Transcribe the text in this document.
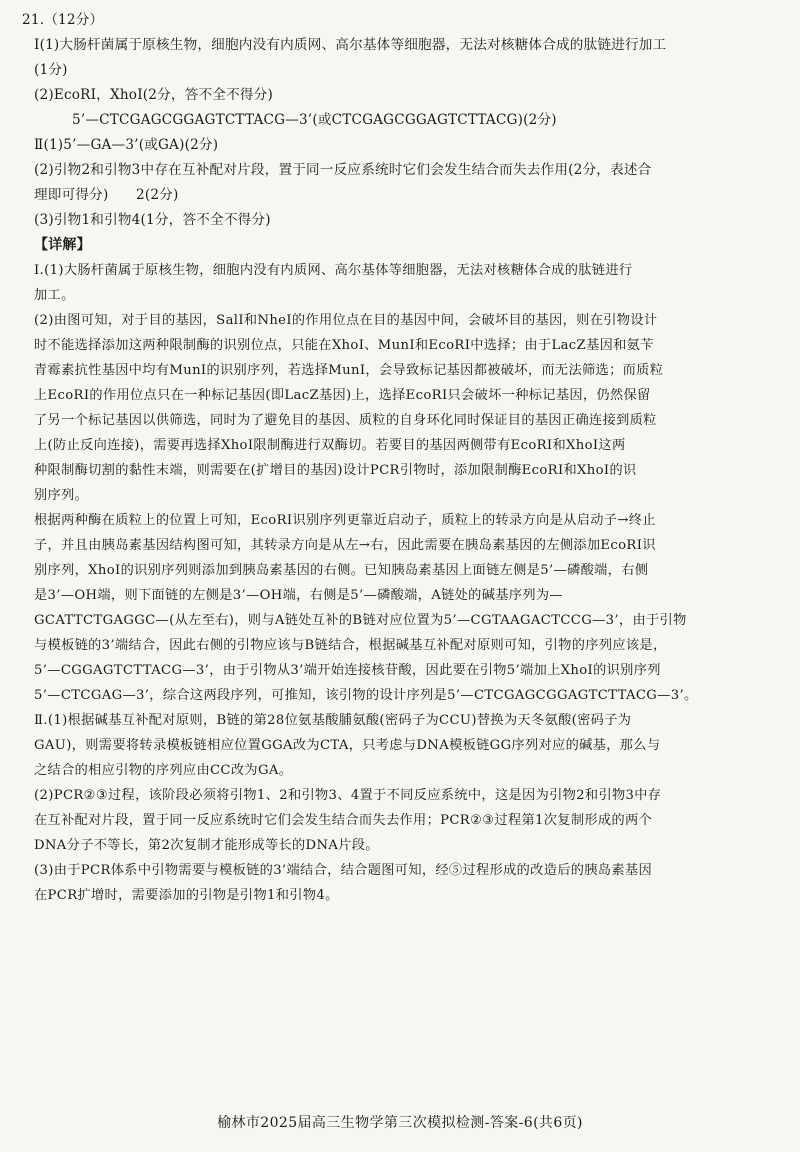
21.（12分）
Ⅰ(1)大肠杆菌属于原核生物，细胞内没有内质网、高尔基体等细胞器，无法对核糖体合成的肽链进行加工
(1分)
(2)EcoRⅠ，XhoⅠ(2分，答不全不得分)
5’—CTCGAGCGGAGTCTTACG—3’(或CTCGAGCGGAGTCTTACG)(2分)
Ⅱ(1)5’—GA—3’(或GA)(2分)
(2)引物2和引物3中存在互补配对片段，置于同一反应系统时它们会发生结合而失去作用(2分，表述合
理即可得分)　　2(2分)
(3)引物1和引物4(1分，答不全不得分)
【详解】
Ⅰ.(1)大肠杆菌属于原核生物，细胞内没有内质网、高尔基体等细胞器，无法对核糖体合成的肽链进行
加工。
(2)由图可知，对于目的基因，SalⅠ和NheⅠ的作用位点在目的基因中间，会破坏目的基因，则在引物设计
时不能选择添加这两种限制酶的识别位点，只能在XhoⅠ、MunⅠ和EcoRⅠ中选择；由于LacZ基因和氨苄
青霉素抗性基因中均有MunⅠ的识别序列，若选择MunⅠ，会导致标记基因都被破坏，而无法筛选；而质粒
上EcoRⅠ的作用位点只在一种标记基因(即LacZ基因)上，选择EcoRⅠ只会破坏一种标记基因，仍然保留
了另一个标记基因以供筛选，同时为了避免目的基因、质粒的自身环化同时保证目的基因正确连接到质粒
上(防止反向连接)，需要再选择XhoⅠ限制酶进行双酶切。若要目的基因两侧带有EcoRⅠ和XhoⅠ这两
种限制酶切割的黏性末端，则需要在(扩增目的基因)设计PCR引物时，添加限制酶EcoRⅠ和XhoⅠ的识
别序列。
根据两种酶在质粒上的位置上可知，EcoRⅠ识别序列更靠近启动子，质粒上的转录方向是从启动子→终止
子，并且由胰岛素基因结构图可知，其转录方向是从左→右，因此需要在胰岛素基因的左侧添加EcoRⅠ识
别序列，XhoⅠ的识别序列则添加到胰岛素基因的右侧。已知胰岛素基因上面链左侧是5’—磷酸端，右侧
是3’—OH端，则下面链的左侧是3’—OH端，右侧是5’—磷酸端，A链处的碱基序列为—
GCATTCTGAGGC—(从左至右)，则与A链处互补的B链对应位置为5’—CGTAAGACTCCG—3’，由于引物
与模板链的3’端结合，因此右侧的引物应该与B链结合，根据碱基互补配对原则可知，引物的序列应该是，
5’—CGGAGTCTTACG—3’，由于引物从3’端开始连接核苷酸，因此要在引物5’端加上XhoⅠ的识别序列
5’—CTCGAG—3’，综合这两段序列，可推知，该引物的设计序列是5’—CTCGAGCGGAGTCTTACG—3’。
Ⅱ.(1)根据碱基互补配对原则，B链的第28位氨基酸脯氨酸(密码子为CCU)替换为天冬氨酸(密码子为
GAU)，则需要将转录模板链相应位置GGA改为CTA，只考虑与DNA模板链GG序列对应的碱基，那么与
之结合的相应引物的序列应由CC改为GA。
(2)PCR②③过程，该阶段必须将引物1、2和引物3、4置于不同反应系统中，这是因为引物2和引物3中存
在互补配对片段，置于同一反应系统时它们会发生结合而失去作用；PCR②③过程第1次复制形成的两个
DNA分子不等长，第2次复制才能形成等长的DNA片段。
(3)由于PCR体系中引物需要与模板链的3’端结合，结合题图可知，经⑤过程形成的改造后的胰岛素基因
在PCR扩增时，需要添加的引物是引物1和引物4。
榆林市2025届高三生物学第三次模拟检测-答案-6(共6页)
